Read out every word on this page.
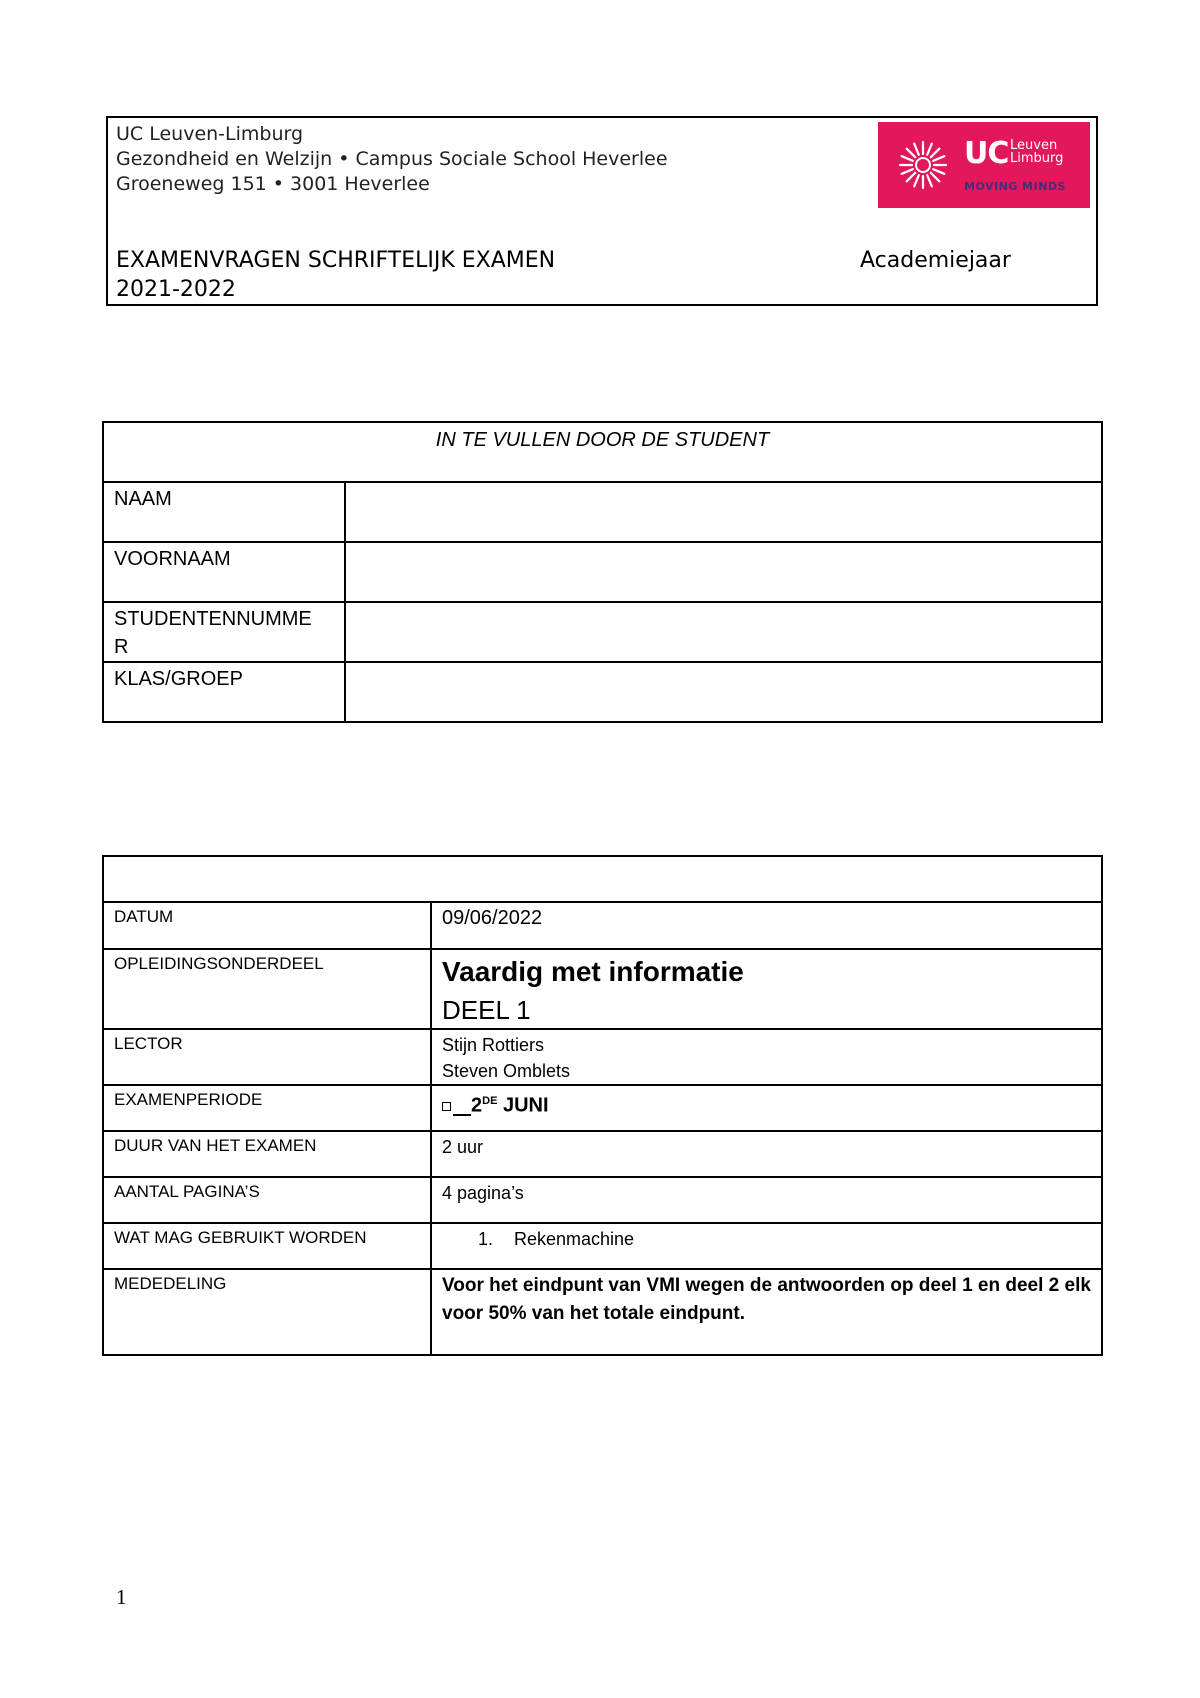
UC Leuven-Limburg
Gezondheid en Welzijn • Campus Sociale School Heverlee
Groeneweg 151 • 3001 Heverlee
UC Leuven
Limburg
MOVING MINDS
EXAMENVRAGEN SCHRIFTELIJK EXAMEN
2021-2022
Academiejaar
IN TE VULLEN DOOR DE STUDENT	
NAAM	
VOORNAAM	
STUDENTENNUMME
R	
KLAS/GROEP	

DATUM	09/06/2022
OPLEIDINGSONDERDEEL	Vaardig met informatie
DEEL 1

LECTOR	Stijn Rottiers
Steven Omblets

EXAMENPERIODE	2DE JUNI
DUUR VAN HET EXAMEN	2 uur
AANTAL PAGINA’S	4 pagina’s
WAT MAG GEBRUIKT WORDEN	1. Rekenmachine
MEDEDELING	Voor het eindpunt van VMI wegen de antwoorden op deel 1 en deel 2 elk voor 50% van het totale eindpunt.
1
